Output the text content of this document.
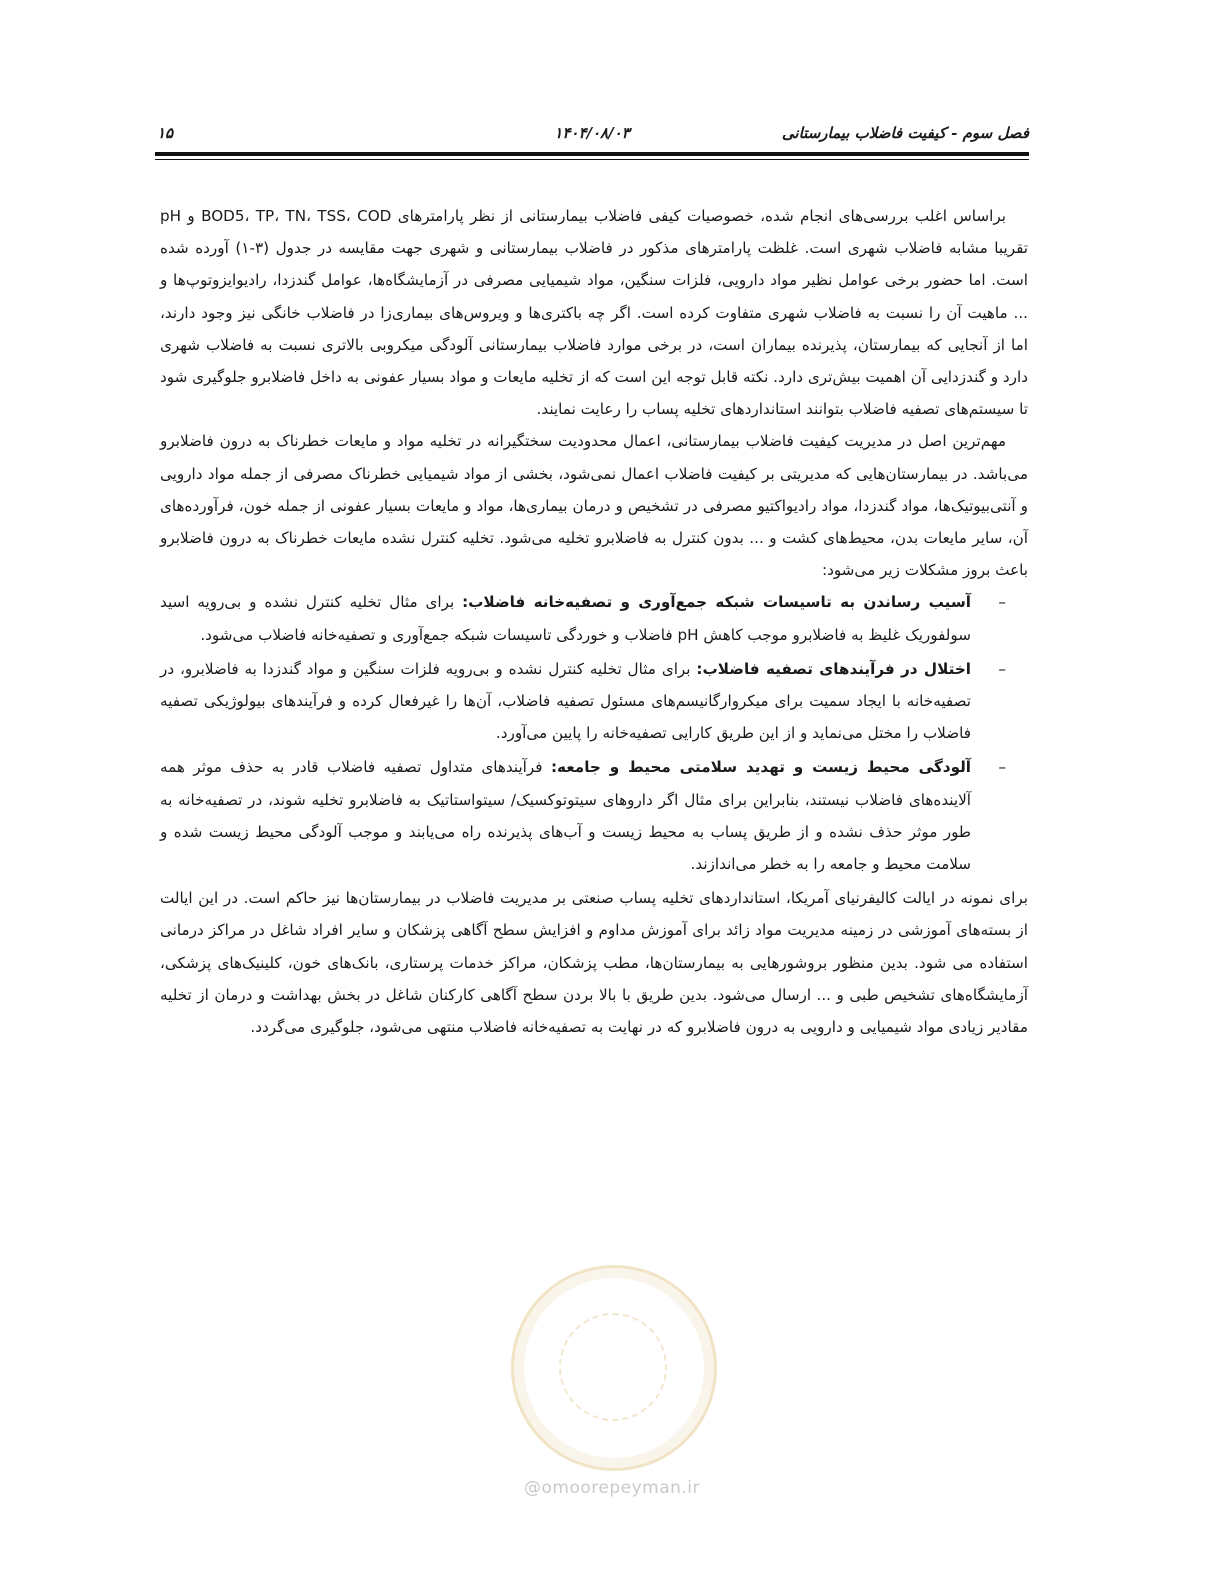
فصل سوم - کیفیت فاضلاب بیمارستانی
۱۴۰۴/۰۸/۰۳
۱۵

براساس اغلب بررسی‌های انجام شده، خصوصیات کیفی فاضلاب بیمارستانی از نظر پارامترهای BOD5، TP، TN، TSS، COD و pH تقریبا مشابه فاضلاب شهری است. غلظت پارامترهای مذکور در فاضلاب بیمارستانی و شهری جهت مقایسه در جدول (۳-۱) آورده شده است. اما حضور برخی عوامل نظیر مواد دارویی، فلزات سنگین، مواد شیمیایی مصرفی در آزمایشگاه‌ها، عوامل گندزدا، رادیوایزوتوپ‌ها و ... ماهیت آن را نسبت به فاضلاب شهری متفاوت کرده است. اگر چه باکتری‌ها و ویروس‌های بیماری‌زا در فاضلاب خانگی نیز وجود دارند، اما از آنجایی که بیمارستان، پذیرنده بیماران است، در برخی موارد فاضلاب بیمارستانی آلودگی میکروبی بالاتری نسبت به فاضلاب شهری دارد و گندزدایی آن اهمیت بیش‌تری دارد. نکته قابل توجه این است که از تخلیه مایعات و مواد بسیار عفونی به داخل فاضلابرو جلوگیری شود تا سیستم‌های تصفیه فاضلاب بتوانند استانداردهای تخلیه پساب را رعایت نمایند.

مهم‌ترین اصل در مدیریت کیفیت فاضلاب بیمارستانی، اعمال محدودیت سختگیرانه در تخلیه مواد و مایعات خطرناک به درون فاضلابرو می‌باشد. در بیمارستان‌هایی که مدیریتی بر کیفیت فاضلاب اعمال نمی‌شود، بخشی از مواد شیمیایی خطرناک مصرفی از جمله مواد دارویی و آنتی‌بیوتیک‌ها، مواد گندزدا، مواد رادیواکتیو مصرفی در تشخیص و درمان بیماری‌ها، مواد و مایعات بسیار عفونی از جمله خون، فرآورده‌های آن، سایر مایعات بدن، محیط‌های کشت و ... بدون کنترل به فاضلابرو تخلیه می‌شود. تخلیه کنترل نشده مایعات خطرناک به درون فاضلابرو باعث بروز مشکلات زیر می‌شود:

–
آسیب رساندن به تاسیسات شبکه جمع‌آوری و تصفیه‌خانه فاضلاب: برای مثال تخلیه کنترل نشده و بی‌رویه اسید سولفوریک غلیظ به فاضلابرو موجب کاهش pH فاضلاب و خوردگی تاسیسات شبکه جمع‌آوری و تصفیه‌خانه فاضلاب می‌شود.
–
اختلال در فرآیندهای تصفیه فاضلاب: برای مثال تخلیه کنترل نشده و بی‌رویه فلزات سنگین و مواد گندزدا به فاضلابرو، در تصفیه‌خانه با ایجاد سمیت برای میکروارگانیسم‌های مسئول تصفیه فاضلاب، آن‌ها را غیرفعال کرده و فرآیندهای بیولوژیکی تصفیه فاضلاب را مختل می‌نماید و از این طریق کارایی تصفیه‌خانه را پایین می‌آورد.
–
آلودگی محیط زیست و تهدید سلامتی محیط و جامعه: فرآیندهای متداول تصفیه فاضلاب قادر به حذف موثر همه آلاینده‌های فاضلاب نیستند، بنابراین برای مثال اگر داروهای سیتوتوکسیک/ سیتواستاتیک به فاضلابرو تخلیه شوند، در تصفیه‌خانه به طور موثر حذف نشده و از طریق پساب به محیط زیست و آب‌های پذیرنده راه می‌یابند و موجب آلودگی محیط زیست شده و سلامت محیط و جامعه را به خطر می‌اندازند.

برای نمونه در ایالت کالیفرنیای آمریکا، استانداردهای تخلیه پساب صنعتی بر مدیریت فاضلاب در بیمارستان‌ها نیز حاکم است. در این ایالت از بسته‌های آموزشی در زمینه مدیریت مواد زائد برای آموزش مداوم و افزایش سطح آگاهی پزشکان و سایر افراد شاغل در مراکز درمانی استفاده می شود. بدین منظور بروشورهایی به بیمارستان‌ها، مطب پزشکان، مراکز خدمات پرستاری، بانک‌های خون، کلینیک‌های پزشکی، آزمایشگاه‌های تشخیص طبی و ... ارسال می‌شود. بدین طریق با بالا بردن سطح آگاهی کارکنان شاغل در بخش بهداشت و درمان از تخلیه مقادیر زیادی مواد شیمیایی و دارویی به درون فاضلابرو که در نهایت به تصفیه‌خانه فاضلاب منتهی می‌شود، جلوگیری می‌گردد.

@omoorepeyman.ir
